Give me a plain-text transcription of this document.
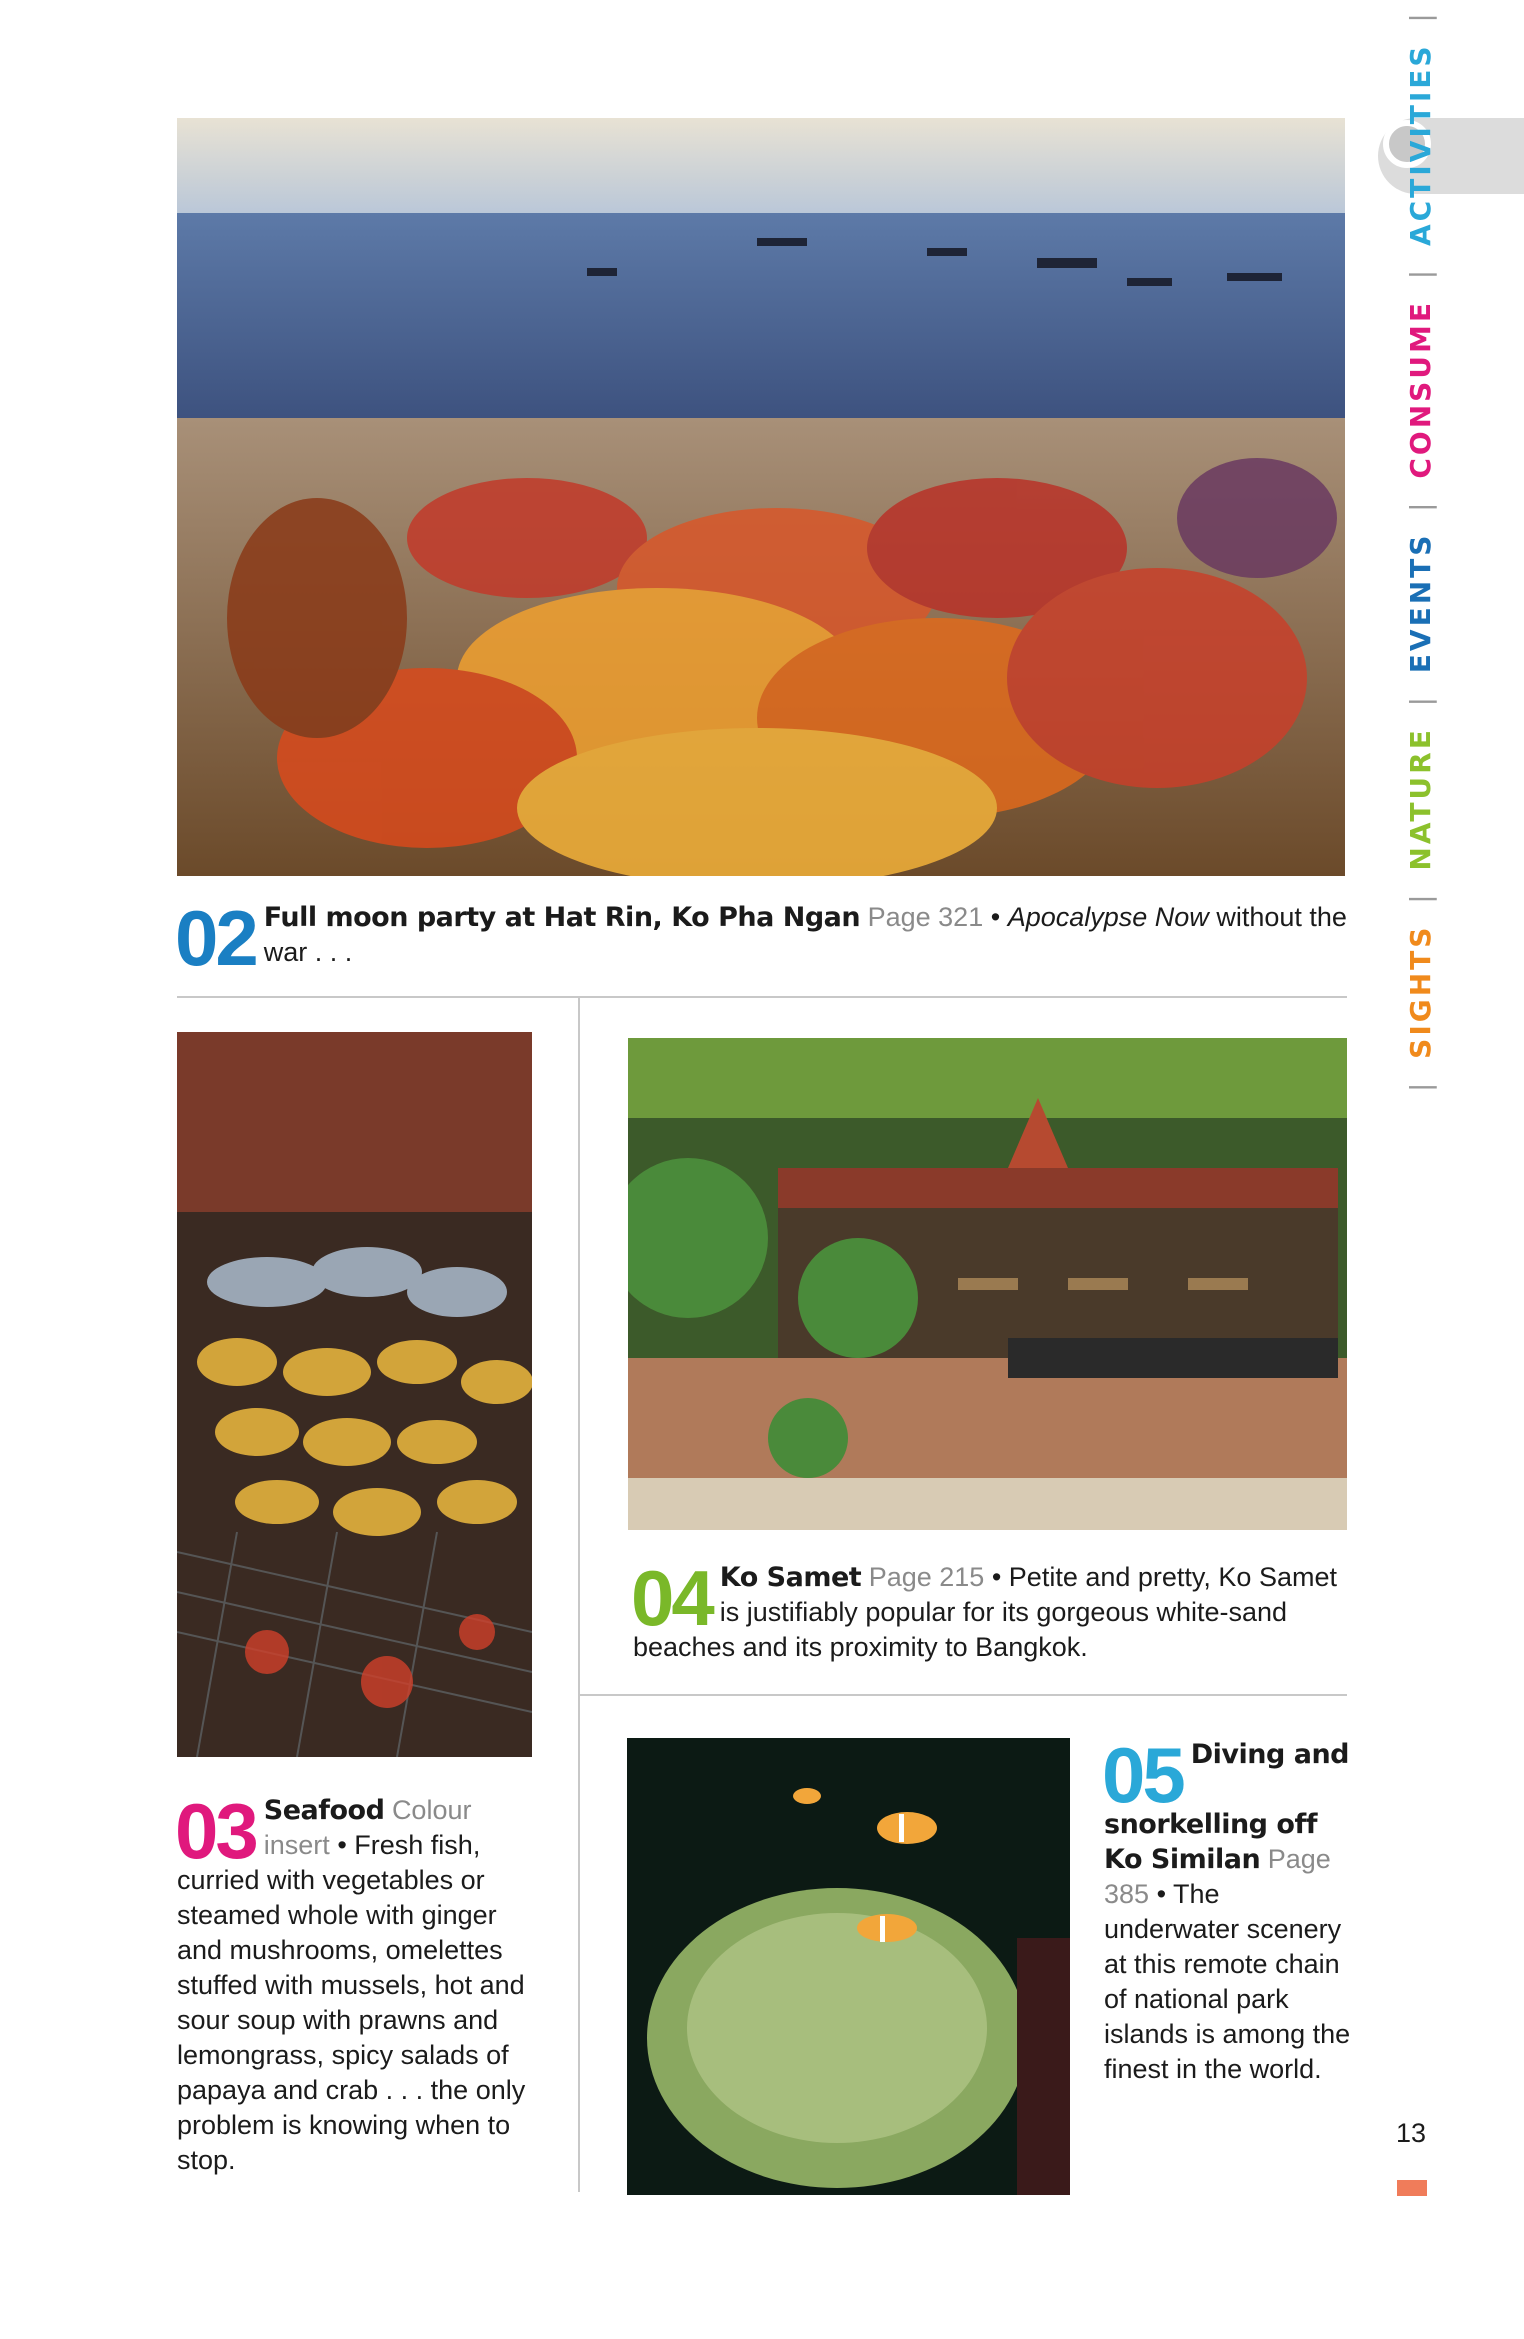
02 Full moon party at Hat Rin, Ko Pha Ngan Page 321 • Apocalypse Now without the war . . .
03 Seafood Colour insert • Fresh fish, curried with vegetables or steamed whole with ginger and mushrooms, omelettes stuffed with mussels, hot and sour soup with prawns and lemongrass, spicy salads of papaya and crab . . . the only problem is knowing when to stop.
04 Ko Samet Page 215 • Petite and pretty, Ko Samet is justifiably popular for its gorgeous white-sand beaches and its proximity to Bangkok.
05 Diving and snorkelling off Ko Similan Page 385 • The underwater scenery at this remote chain of national park islands is among the finest in the world.
| SIGHTS | NATURE | EVENTS | CONSUME | ACTIVITIES |
13
